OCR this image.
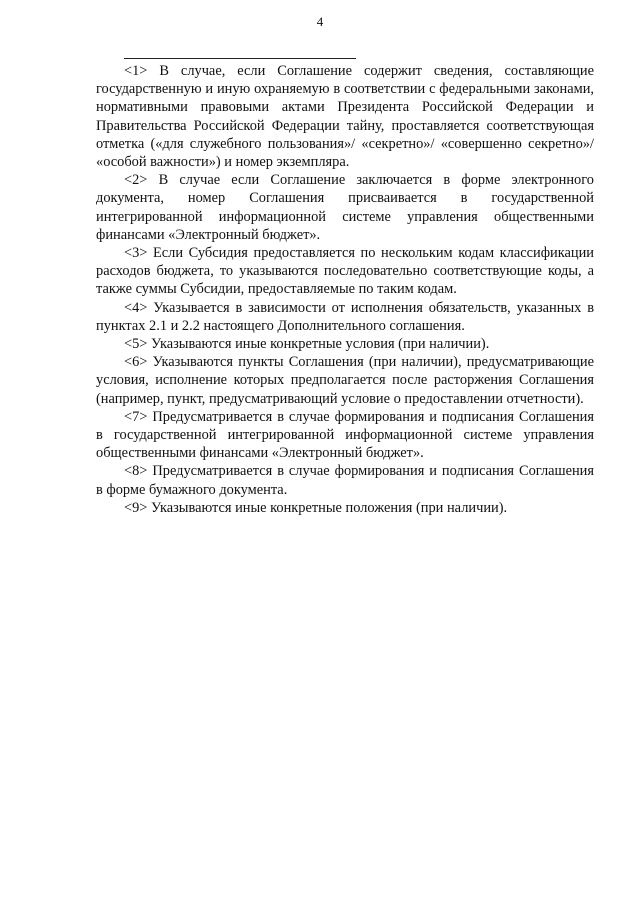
4

<1> В случае, если Соглашение содержит сведения, составляющие государственную и иную охраняемую в соответствии с федеральными законами, нормативными правовыми актами Президента Российской Федерации и Правительства Российской Федерации тайну, проставляется соответствующая отметка («для служебного пользования»/ «секретно»/ «совершенно секретно»/ «особой важности») и номер экземпляра.

<2> В случае если Соглашение заключается в форме электронного документа, номер Соглашения присваивается в государственной интегрированной информационной системе управления общественными финансами «Электронный бюджет».

<3> Если Субсидия предоставляется по нескольким кодам классификации расходов бюджета, то указываются последовательно соответствующие коды, а также суммы Субсидии, предоставляемые по таким кодам.

<4> Указывается в зависимости от исполнения обязательств, указанных в пунктах 2.1 и 2.2 настоящего Дополнительного соглашения.

<5> Указываются иные конкретные условия (при наличии).

<6> Указываются пункты Соглашения (при наличии), предусматривающие условия, исполнение которых предполагается после расторжения Соглашения (например, пункт, предусматривающий условие о предоставлении отчетности).

<7> Предусматривается в случае формирования и подписания Соглашения в государственной интегрированной информационной системе управления общественными финансами «Электронный бюджет».

<8> Предусматривается в случае формирования и подписания Соглашения в форме бумажного документа.

<9> Указываются иные конкретные положения (при наличии).
